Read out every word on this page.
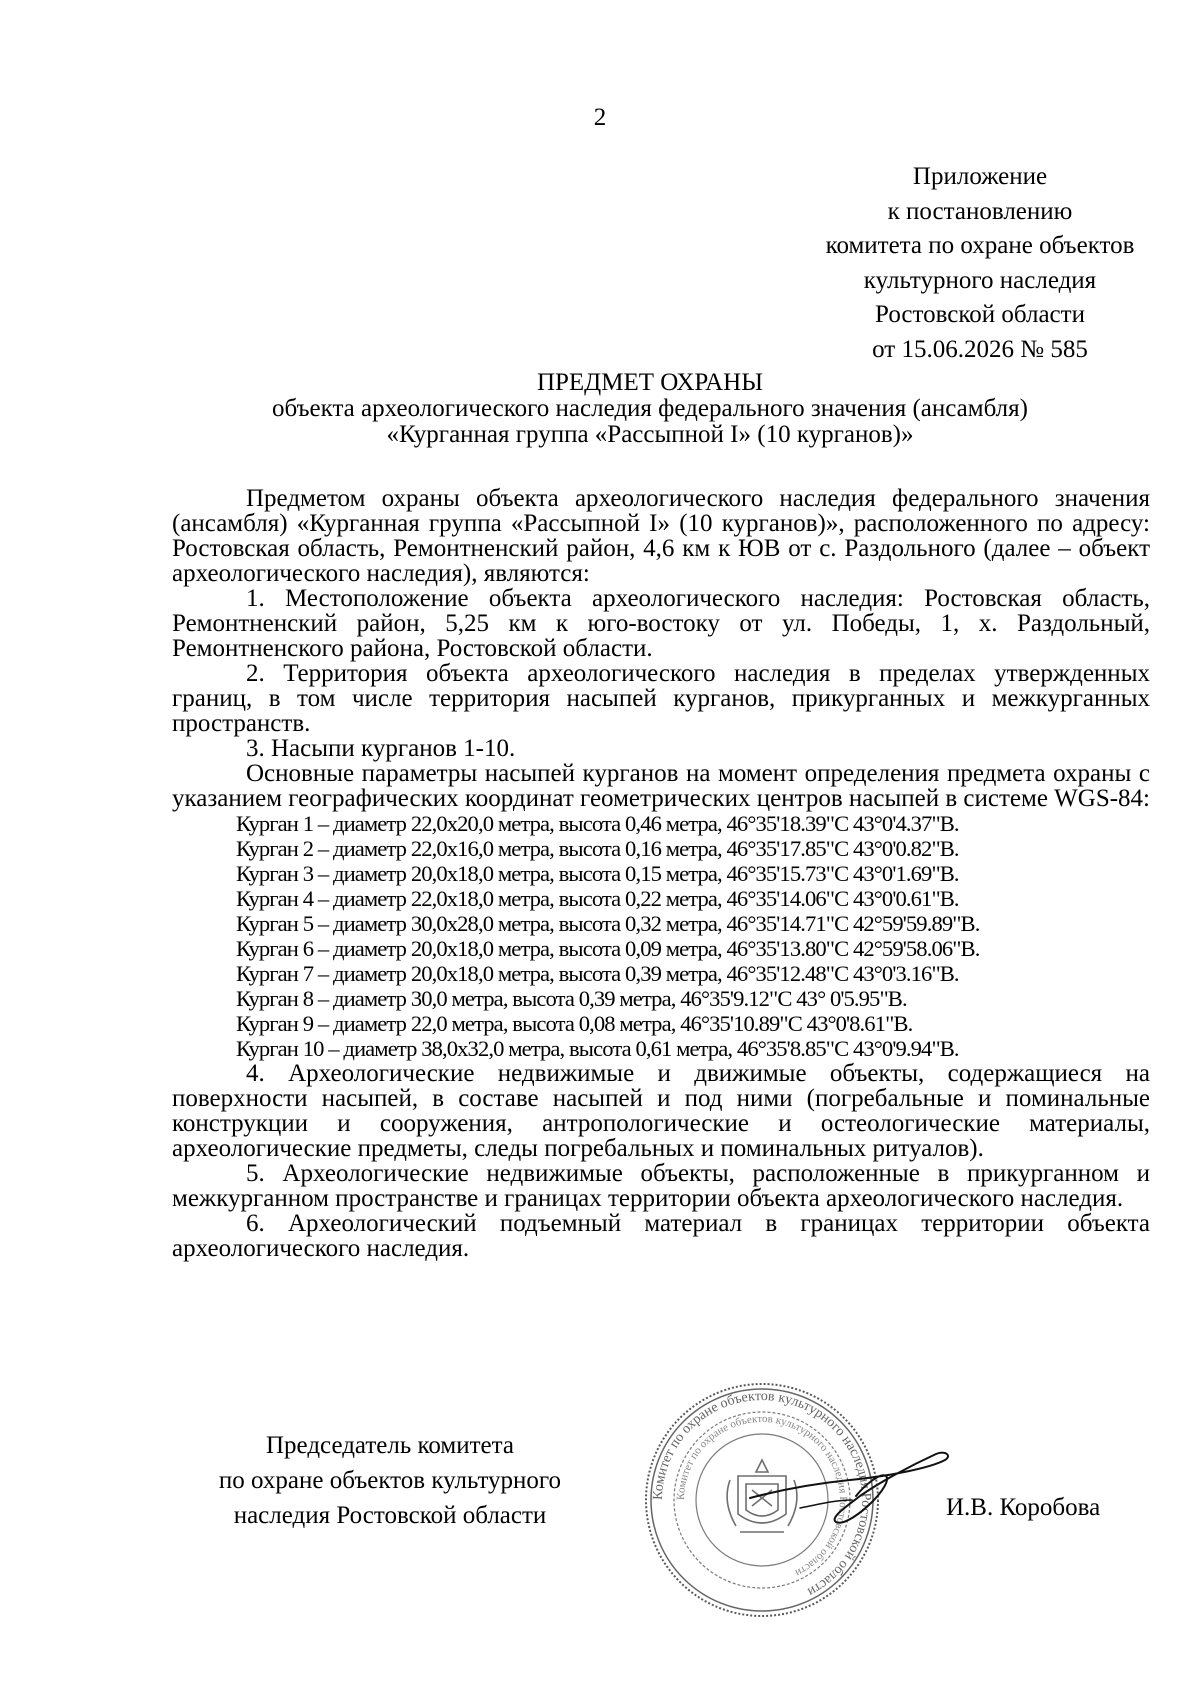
2
Приложение
к постановлению
комитета по охране объектов
культурного наследия
Ростовской области
от 15.06.2026 № 585
ПРЕДМЕТ ОХРАНЫ
объекта археологического наследия федерального значения (ансамбля)
«Курганная группа «Рассыпной I» (10 курганов)»

Предметом охраны объекта археологического наследия федерального значения (ансамбля) «Курганная группа «Рассыпной I» (10 курганов)», расположенного по адресу: Ростовская область, Ремонтненский район, 4,6 км к ЮВ от с. Раздольного (далее – объект археологического наследия), являются:

1. Местоположение объекта археологического наследия: Ростовская область, Ремонтненский район, 5,25 км к юго-востоку от ул. Победы, 1, х. Раздольный, Ремонтненского района, Ростовской области.

2. Территория объекта археологического наследия в пределах утвержденных границ, в том числе территория насыпей курганов, прикурганных и межкурганных пространств.

3. Насыпи курганов 1-10.

Основные параметры насыпей курганов на момент определения предмета охраны с указанием географических координат геометрических центров насыпей в системе WGS-84:

Курган 1 – диаметр 22,0х20,0 метра, высота 0,46 метра, 46°35'18.39"С 43°0'4.37"В.

Курган 2 – диаметр 22,0х16,0 метра, высота 0,16 метра, 46°35'17.85"С 43°0'0.82"В.

Курган 3 – диаметр 20,0х18,0 метра, высота 0,15 метра, 46°35'15.73"С 43°0'1.69"В.

Курган 4 – диаметр 22,0х18,0 метра, высота 0,22 метра, 46°35'14.06"С 43°0'0.61"В.

Курган 5 – диаметр 30,0х28,0 метра, высота 0,32 метра, 46°35'14.71"С 42°59'59.89"В.

Курган 6 – диаметр 20,0х18,0 метра, высота 0,09 метра, 46°35'13.80"С 42°59'58.06"В.

Курган 7 – диаметр 20,0х18,0 метра, высота 0,39 метра, 46°35'12.48"С 43°0'3.16"В.

Курган 8 – диаметр 30,0 метра, высота 0,39 метра, 46°35'9.12"С 43° 0'5.95"В.

Курган 9 – диаметр 22,0 метра, высота 0,08 метра, 46°35'10.89"С 43°0'8.61"В.

Курган 10 – диаметр 38,0х32,0 метра, высота 0,61 метра, 46°35'8.85"С 43°0'9.94"В.

4. Археологические недвижимые и движимые объекты, содержащиеся на поверхности насыпей, в составе насыпей и под ними (погребальные и поминальные конструкции и сооружения, антропологические и остеологические материалы, археологические предметы, следы погребальных и поминальных ритуалов).

5. Археологические недвижимые объекты, расположенные в прикурганном и межкурганном пространстве и границах территории объекта археологического наследия.

6. Археологический подъемный материал в границах территории объекта археологического наследия.

Председатель комитета
по охране объектов культурного
наследия Ростовской области
Комитет по охране объектов культурного наследия Ростовской области
Комитет по охране объектов культурного наследия Ростовской области
И.В. Коробова
